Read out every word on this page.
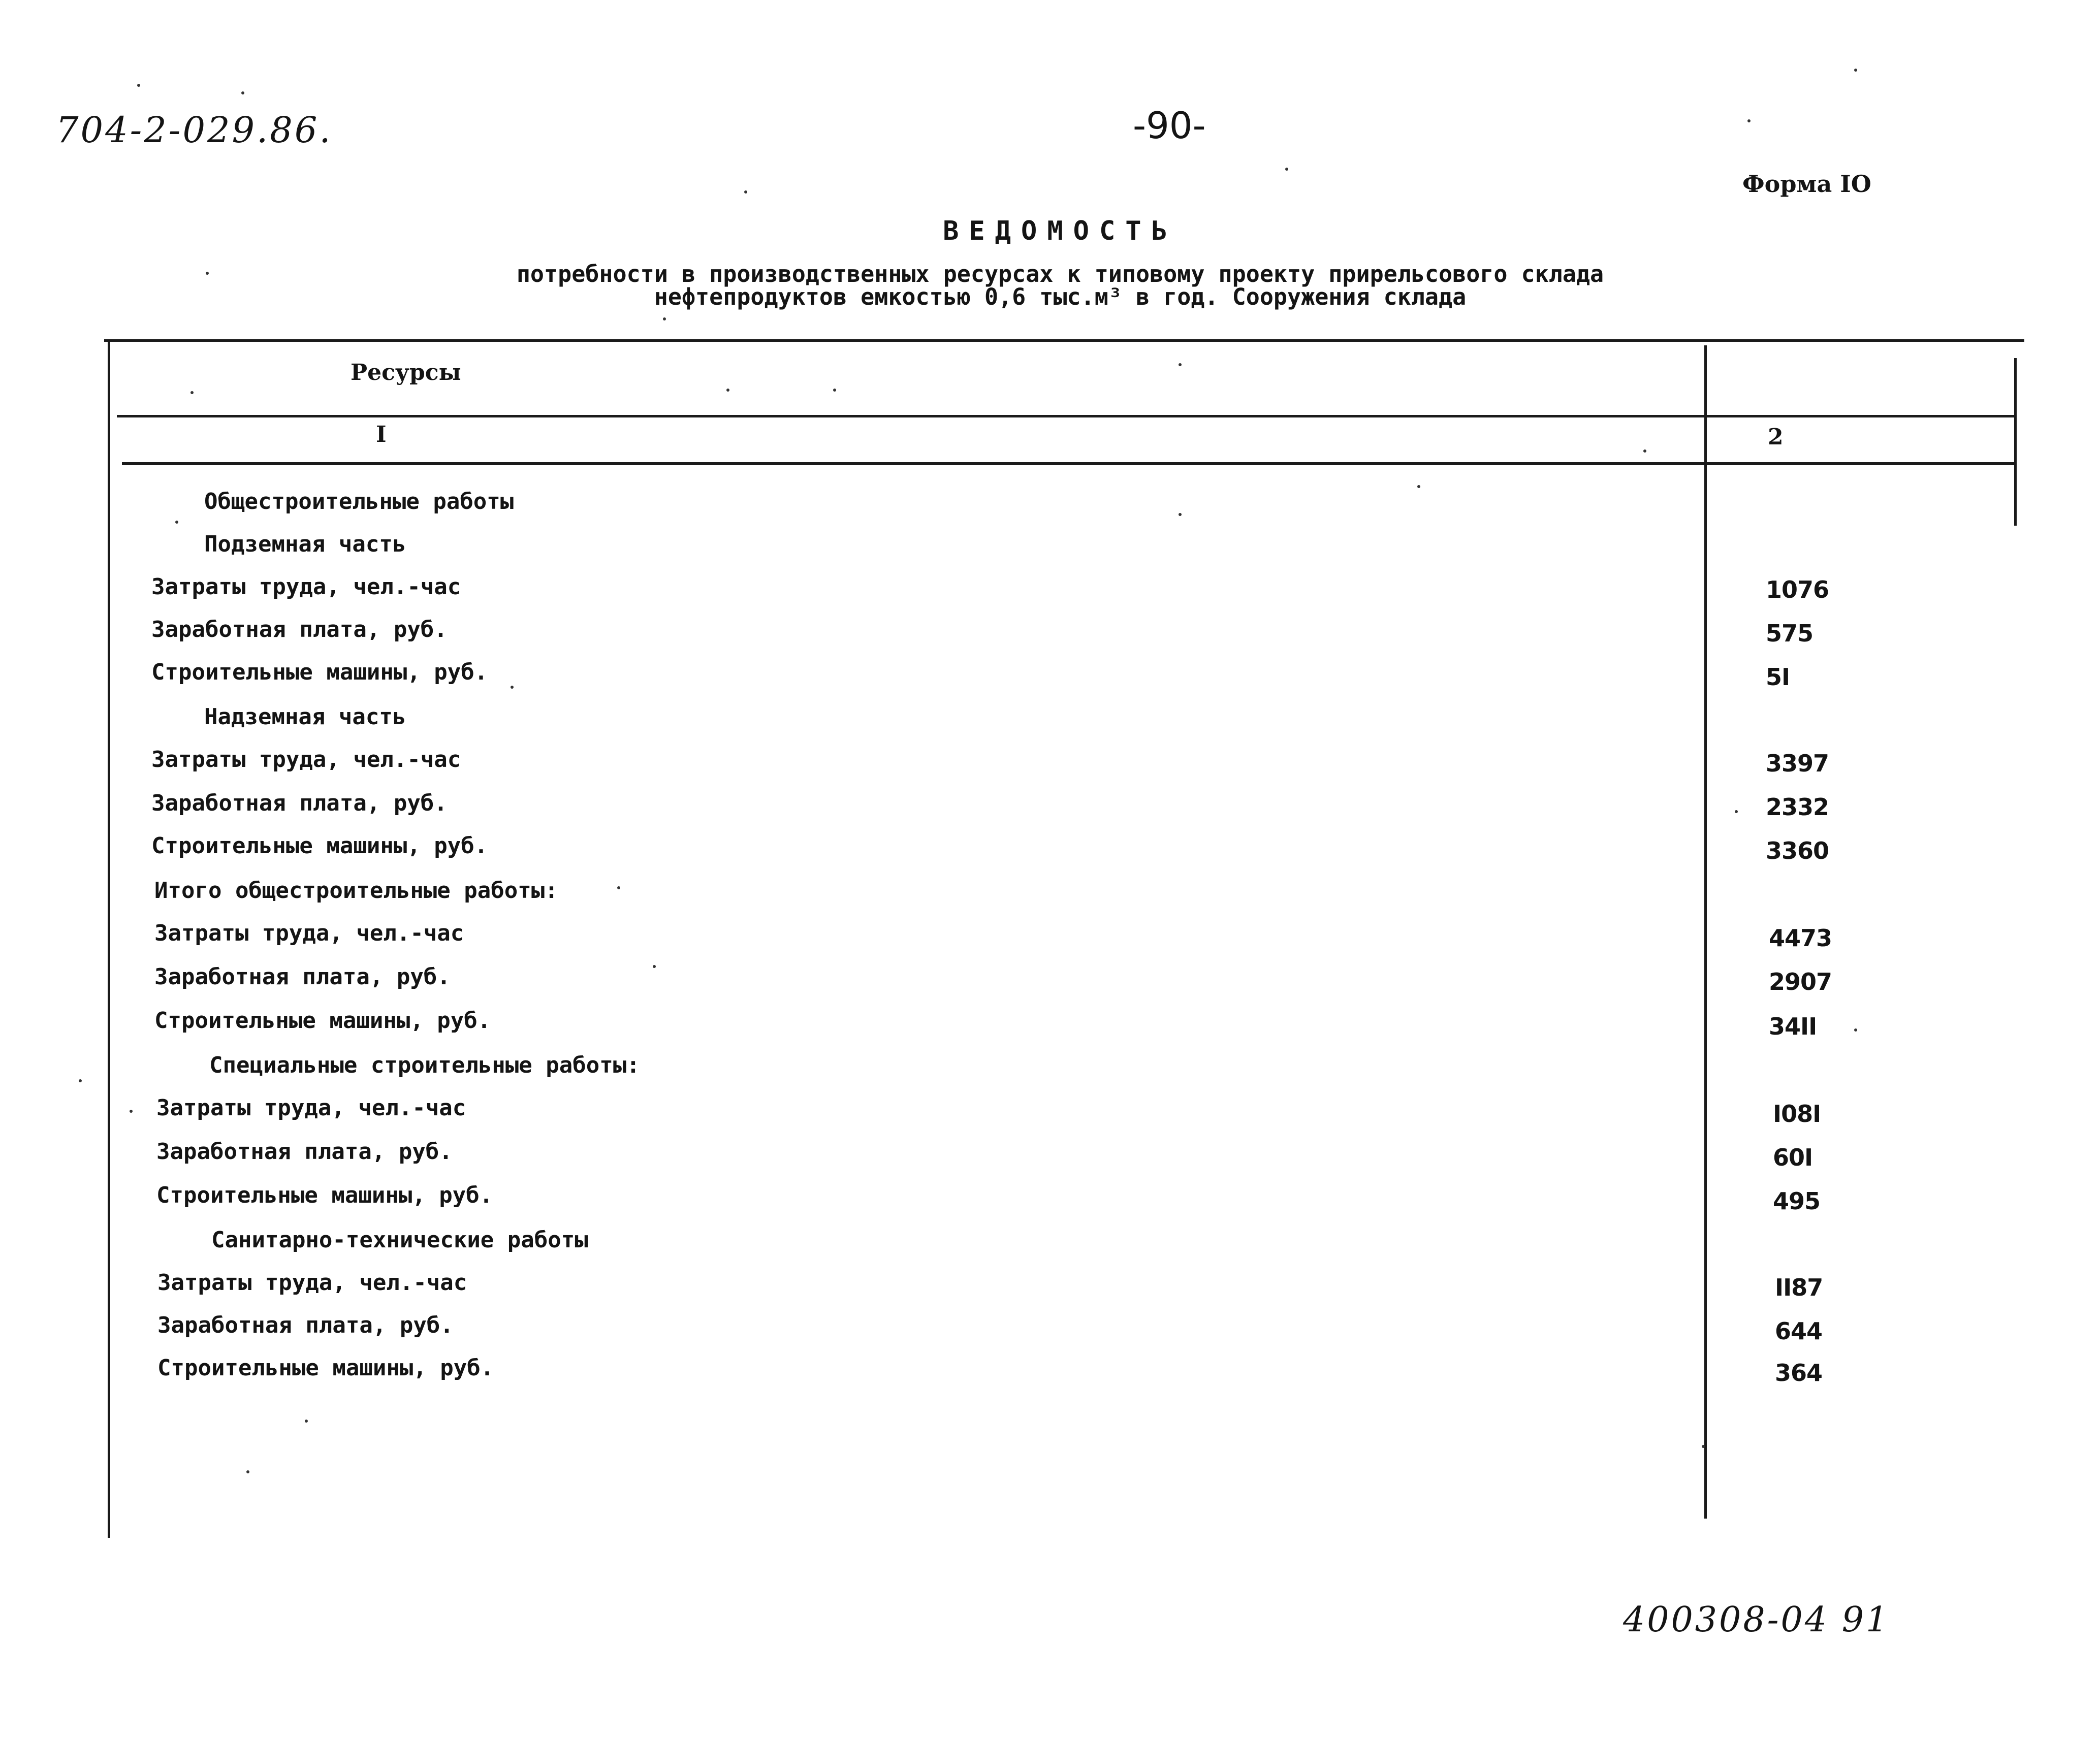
704-2-029.86.	-90-
Форма IO
ВЕДОМОСТЬ
потребности в производственных ресурсах к типовому проекту прирельсового склада
нефтепродуктов емкостью 0,6 тыс.м³ в год. Сооружения склада
Ресурсы
I	2
Общестроительные работы
Подземная часть
Затраты труда, чел.-час	1076
Заработная плата, руб.	575
Строительные машины, руб.	5I
Надземная часть
Затраты труда, чел.-час	3397
Заработная плата, руб.	2332
Строительные машины, руб.	3360
Итого общестроительные работы:
Затраты труда, чел.-час	4473
Заработная плата, руб.	2907
Строительные машины, руб.	34II
Специальные строительные работы:
Затраты труда, чел.-час	I08I
Заработная плата, руб.	60I
Строительные машины, руб.	495
Санитарно-технические работы
Затраты труда, чел.-час	II87
Заработная плата, руб.	644
Строительные машины, руб.	364
400308-04 91
